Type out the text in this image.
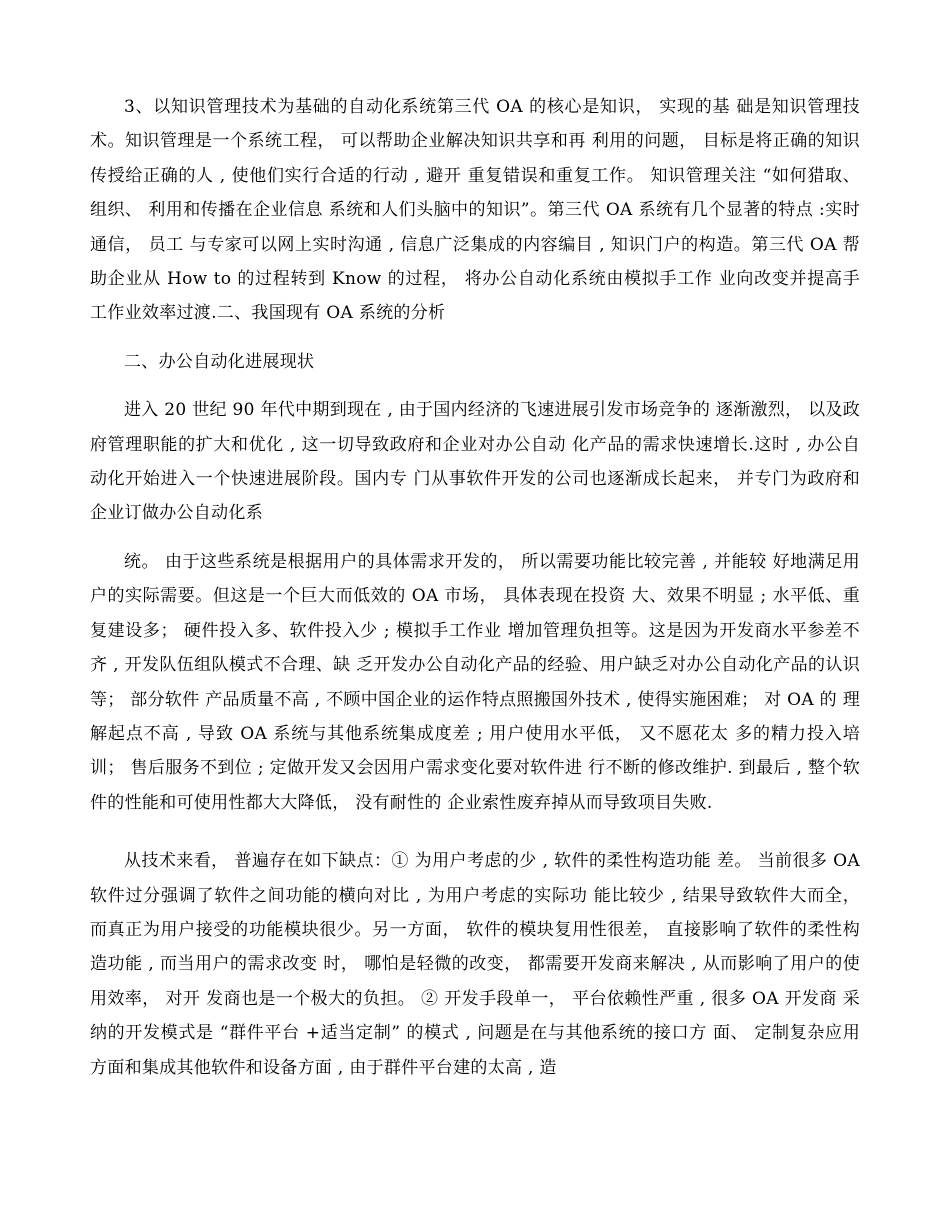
3、以知识管理技术为基础的自动化系统第三代 OA 的核心是知识， 实现的基 础是知识管理技术。知识管理是一个系统工程， 可以帮助企业解决知识共享和再 利用的问题， 目标是将正确的知识传授给正确的人 , 使他们实行合适的行动 , 避开 重复错误和重复工作。 知识管理关注 “如何猎取、 组织、 利用和传播在企业信息 系统和人们头脑中的知识”。第三代 OA 系统有几个显著的特点 :实时通信， 员工 与专家可以网上实时沟通 , 信息广泛集成的内容编目 , 知识门户的构造。第三代 OA 帮助企业从 How to 的过程转到 Know 的过程， 将办公自动化系统由模拟手工作 业向改变并提高手工作业效率过渡.二、我国现有 OA 系统的分析

二、办公自动化进展现状

进入 20 世纪 90 年代中期到现在 , 由于国内经济的飞速进展引发市场竞争的 逐渐激烈， 以及政府管理职能的扩大和优化 , 这一切导致政府和企业对办公自动 化产品的需求快速增长.这时 , 办公自动化开始进入一个快速进展阶段。国内专 门从事软件开发的公司也逐渐成长起来， 并专门为政府和企业订做办公自动化系

统。 由于这些系统是根据用户的具体需求开发的， 所以需要功能比较完善 , 并能较 好地满足用户的实际需要。但这是一个巨大而低效的 OA 市场， 具体表现在投资 大、效果不明显 ; 水平低、重复建设多； 硬件投入多、软件投入少 ; 模拟手工作业 增加管理负担等。这是因为开发商水平参差不齐 , 开发队伍组队模式不合理、缺 乏开发办公自动化产品的经验、用户缺乏对办公自动化产品的认识等； 部分软件 产品质量不高 , 不顾中国企业的运作特点照搬国外技术 , 使得实施困难； 对 OA 的 理解起点不高 , 导致 OA 系统与其他系统集成度差 ; 用户使用水平低， 又不愿花太 多的精力投入培训； 售后服务不到位 ; 定做开发又会因用户需求变化要对软件进 行不断的修改维护. 到最后 , 整个软件的性能和可使用性都大大降低， 没有耐性的 企业索性废弃掉从而导致项目失败.

从技术来看， 普遍存在如下缺点：① 为用户考虑的少 , 软件的柔性构造功能 差。 当前很多 OA 软件过分强调了软件之间功能的横向对比 , 为用户考虑的实际功 能比较少 , 结果导致软件大而全， 而真正为用户接受的功能模块很少。另一方面， 软件的模块复用性很差， 直接影响了软件的柔性构造功能 , 而当用户的需求改变 时， 哪怕是轻微的改变， 都需要开发商来解决 , 从而影响了用户的使用效率， 对开 发商也是一个极大的负担。 ② 开发手段单一， 平台依赖性严重 , 很多 OA 开发商 采纳的开发模式是 “群件平台 +适当定制” 的模式 , 问题是在与其他系统的接口方 面、 定制复杂应用方面和集成其他软件和设备方面 , 由于群件平台建的太高 , 造
